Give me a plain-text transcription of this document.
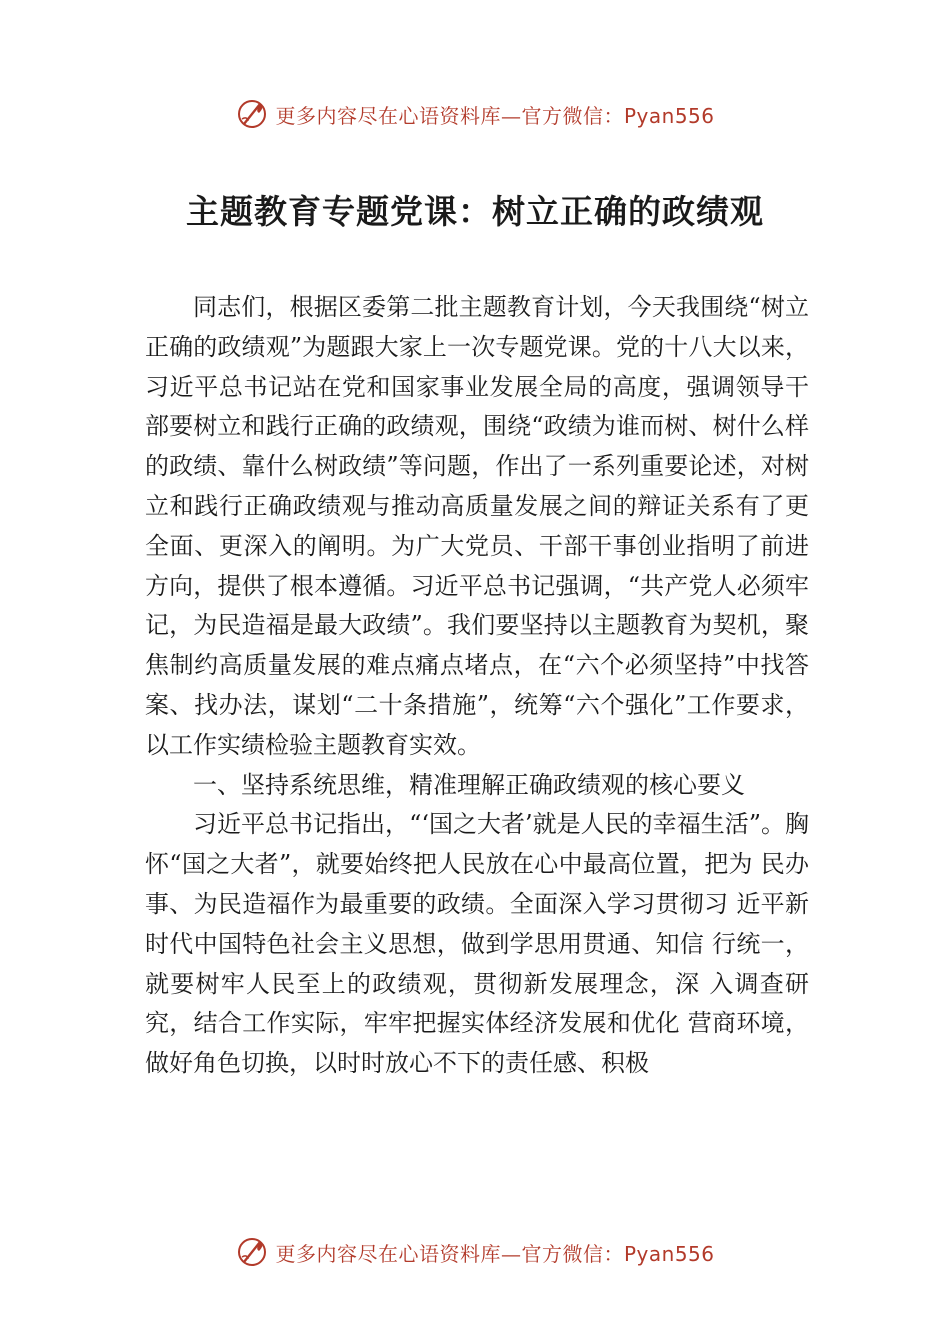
更多内容尽在心语资料库—官方微信：Pyan556
主题教育专题党课：树立正确的政绩观

同志们，根据区委第二批主题教育计划，今天我围绕“树立正确的政绩观”为题跟大家上一次专题党课。党的十八大以来，习近平总书记站在党和国家事业发展全局的高度，强调领导干部要树立和践行正确的政绩观，围绕“政绩为谁而树、树什么样的政绩、靠什么树政绩”等问题，作出了一系列重要论述，对树立和践行正确政绩观与推动高质量发展之间的辩证关系有了更全面、更深入的阐明。为广大党员、干部干事创业指明了前进方向，提供了根本遵循。习近平总书记强调，“共产党人必须牢记，为民造福是最大政绩”。我们要坚持以主题教育为契机，聚焦制约高质量发展的难点痛点堵点，在“六个必须坚持”中找答案、找办法，谋划“二十条措施”，统筹“六个强化”工作要求，以工作实绩检验主题教育实效。

一、坚持系统思维，精准理解正确政绩观的核心要义

习近平总书记指出，“‘国之大者’就是人民的幸福生活”。胸怀“国之大者”，就要始终把人民放在心中最高位置，把为 民办事、为民造福作为最重要的政绩。全面深入学习贯彻习 近平新时代中国特色社会主义思想，做到学思用贯通、知信 行统一，就要树牢人民至上的政绩观，贯彻新发展理念，深 入调查研究，结合工作实际，牢牢把握实体经济发展和优化 营商环境，做好角色切换，以时时放心不下的责任感、积极

更多内容尽在心语资料库—官方微信：Pyan556
